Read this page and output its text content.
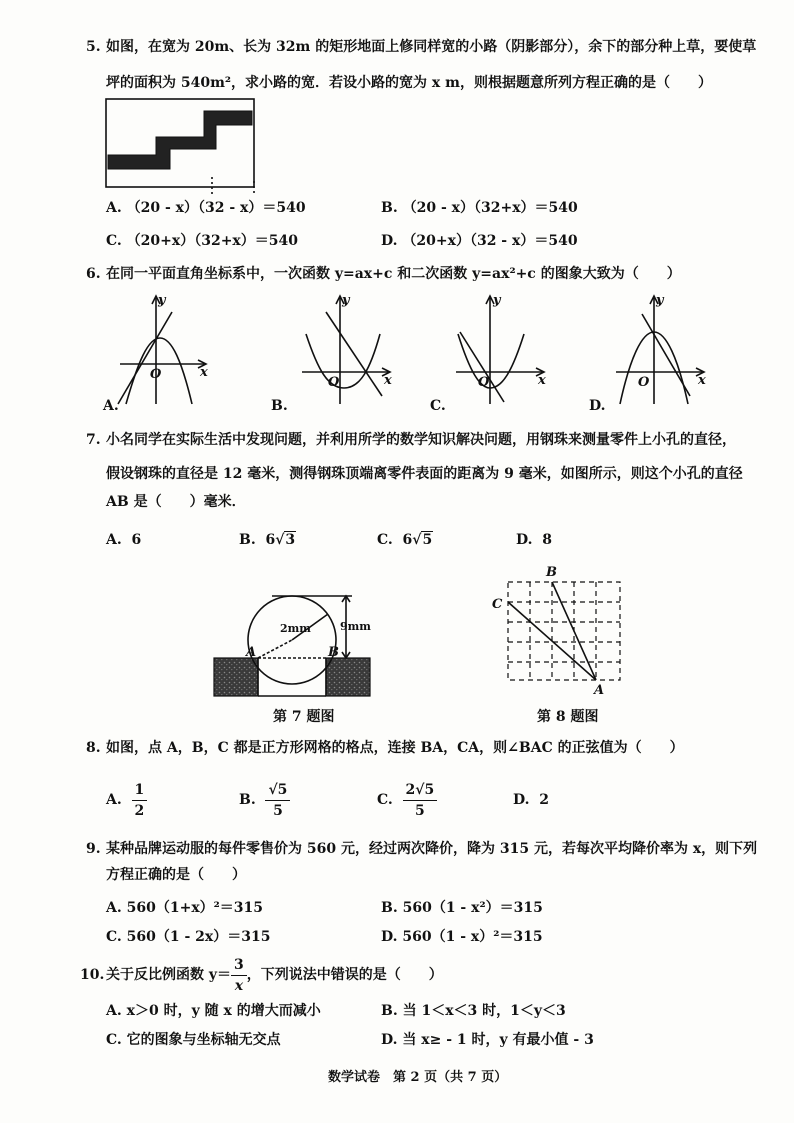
5. 如图，在宽为 20m、长为 32m 的矩形地面上修同样宽的小路（阴影部分），余下的部分种上草，要使草
坪的面积为 540m²，求小路的宽．若设小路的宽为 x m，则根据题意所列方程正确的是（　　）
A. （20 - x）（32 - x）＝540	B. （20 - x）（32+x）＝540
C. （20+x）（32+x）＝540	D. （20+x）（32 - x）＝540
6. 在同一平面直角坐标系中，一次函数 y=ax+c 和二次函数 y=ax²+c 的图象大致为（　　）
y
x
O
A.
y
x
O
B.
y
x
O
C.
y
x
O
D.
7. 小名同学在实际生活中发现问题，并利用所学的数学知识解决问题，用钢珠来测量零件上小孔的直径，
假设钢珠的直径是 12 毫米，测得钢珠顶端离零件表面的距离为 9 毫米，如图所示，则这个小孔的直径
AB 是（　　）毫米．
A. 6	B. 6√3	C. 6√5	D. 8
2mm	9mm
A	B
第 7 题图
B
C
A
第 8 题图
8. 如图，点 A，B，C 都是正方形网格的格点，连接 BA，CA，则∠BAC 的正弦值为（　　）
A. $\frac{1}{2}$	B. $\frac{√5}{5}$	C. $\frac{2√5}{5}$	D. 2
9. 某种品牌运动服的每件零售价为 560 元，经过两次降价，降为 315 元，若每次平均降价率为 x，则下列
方程正确的是（　　）
A. 560（1+x）²＝315	B. 560（1 - x²）＝315
C. 560（1 - 2x）＝315	D. 560（1 - x）²＝315
10. 关于反比例函数 $y= \frac{3}{x}$ ，下列说法中错误的是（　　）
A. x＞0 时，y 随 x 的增大而减小	B. 当 1＜x＜3 时，1＜y＜3
C. 它的图象与坐标轴无交点	D. 当 x≥ - 1 时，y 有最小值 - 3
数学试卷　第 2 页（共 7 页）
